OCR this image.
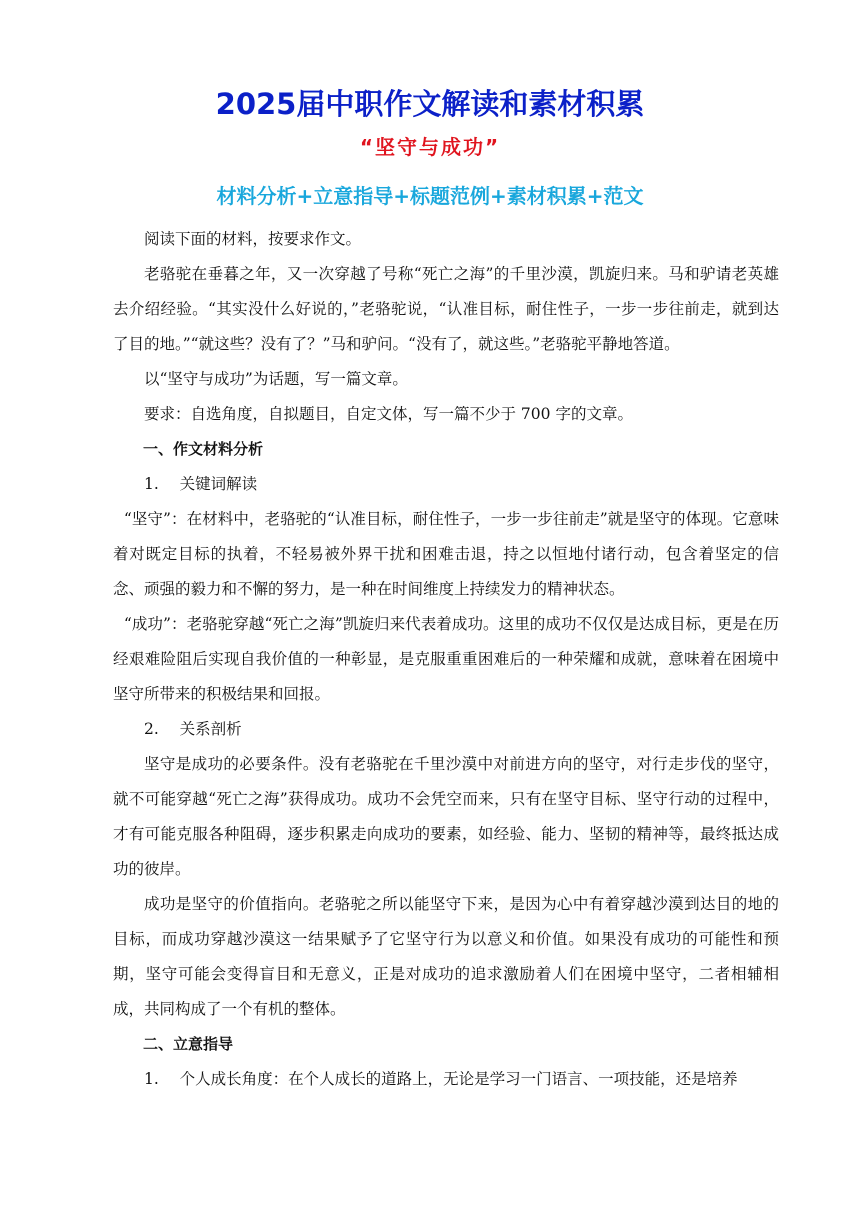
2025届中职作文解读和素材积累
“坚守与成功”
材料分析+立意指导+标题范例+素材积累+范文

阅读下面的材料，按要求作文。

老骆驼在垂暮之年，又一次穿越了号称“死亡之海”的千里沙漠，凯旋归来。马和驴请老英雄去介绍经验。“其实没什么好说的，”老骆驼说，“认准目标，耐住性子，一步一步往前走，就到达了目的地。”“就这些？没有了？”马和驴问。“没有了，就这些。”老骆驼平静地答道。

以“坚守与成功”为话题，写一篇文章。

要求：自选角度，自拟题目，自定文体，写一篇不少于 700 字的文章。

一、作文材料分析

1. 关键词解读

“坚守”：在材料中，老骆驼的“认准目标，耐住性子，一步一步往前走”就是坚守的体现。它意味着对既定目标的执着，不轻易被外界干扰和困难击退，持之以恒地付诸行动，包含着坚定的信念、顽强的毅力和不懈的努力，是一种在时间维度上持续发力的精神状态。

“成功”：老骆驼穿越“死亡之海”凯旋归来代表着成功。这里的成功不仅仅是达成目标，更是在历经艰难险阻后实现自我价值的一种彰显，是克服重重困难后的一种荣耀和成就，意味着在困境中坚守所带来的积极结果和回报。

2. 关系剖析

坚守是成功的必要条件。没有老骆驼在千里沙漠中对前进方向的坚守，对行走步伐的坚守，就不可能穿越“死亡之海”获得成功。成功不会凭空而来，只有在坚守目标、坚守行动的过程中，才有可能克服各种阻碍，逐步积累走向成功的要素，如经验、能力、坚韧的精神等，最终抵达成功的彼岸。

成功是坚守的价值指向。老骆驼之所以能坚守下来，是因为心中有着穿越沙漠到达目的地的目标，而成功穿越沙漠这一结果赋予了它坚守行为以意义和价值。如果没有成功的可能性和预期，坚守可能会变得盲目和无意义，正是对成功的追求激励着人们在困境中坚守，二者相辅相成，共同构成了一个有机的整体。

二、立意指导

1. 个人成长角度：在个人成长的道路上，无论是学习一门语言、一项技能，还是培养
